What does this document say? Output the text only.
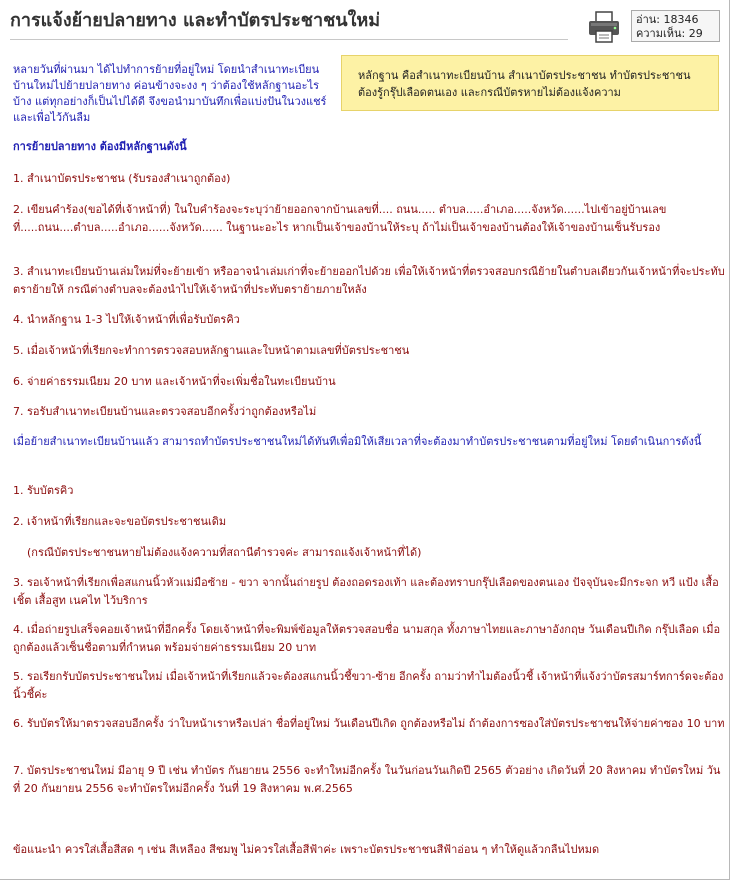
การแจ้งย้ายปลายทาง และทำบัตรประชาชนใหม่	อ่าน: 18346
ความเห็น: 29
หลายวันที่ผ่านมา ได้ไปทำการย้ายที่อยู่ใหม่ โดยนำสำเนาทะเบียนบ้านใหม่ไปย้ายปลายทาง ค่อนข้างจะงง ๆ ว่าต้องใช้หลักฐานอะไรบ้าง แต่ทุกอย่างก็เป็นไปได้ดี จึงขอนำมาบันทึกเพื่อแบ่งปันในวงแชร์ และเพื่อไว้กันลืม
หลักฐาน คือสำเนาทะเบียนบ้าน สำเนาบัตรประชาชน ทำบัตรประชาชนต้องรู้กรุ๊ปเลือดตนเอง และกรณีบัตรหายไม่ต้องแจ้งความ
การย้ายปลายทาง ต้องมีหลักฐานดังนี้
1. สำเนาบัตรประชาชน (รับรองสำเนาถูกต้อง)
2. เขียนคำร้อง(ขอได้ที่เจ้าหน้าที่) ในใบคำร้องจะระบุว่าย้ายออกจากบ้านเลขที่.... ถนน..... ตำบล.....อำเภอ.....จังหวัด......ไปเข้าอยู่บ้านเลขที่.....ถนน....ตำบล.....อำเภอ......จังหวัด...... ในฐานะอะไร หากเป็นเจ้าของบ้านให้ระบุ ถ้าไม่เป็นเจ้าของบ้านต้องให้เจ้าของบ้านเซ็นรับรอง
3. สำเนาทะเบียนบ้านเล่มใหม่ที่จะย้ายเข้า หรืออาจนำเล่มเก่าที่จะย้ายออกไปด้วย เพื่อให้เจ้าหน้าที่ตรวจสอบกรณีย้ายในตำบลเดียวกันเจ้าหน้าที่จะประทับตราย้ายให้ กรณีต่างตำบลจะต้องนำไปให้เจ้าหน้าที่ประทับตราย้ายภายใหลัง
4. นำหลักฐาน 1-3 ไปให้เจ้าหน้าที่เพื่อรับบัตรคิว
5. เมื่อเจ้าหน้าที่เรียกจะทำการตรวจสอบหลักฐานและใบหน้าตามเลขที่บัตรประชาชน
6. จ่ายค่าธรรมเนียม 20 บาท และเจ้าหน้าที่จะเพิ่มชื่อในทะเบียนบ้าน
7. รอรับสำเนาทะเบียนบ้านและตรวจสอบอีกครั้งว่าถูกต้องหรือไม่
เมื่อย้ายสำเนาทะเบียนบ้านแล้ว สามารถทำบัตรประชาชนใหม่ได้ทันทีเพื่อมิให้เสียเวลาที่จะต้องมาทำบัตรประชาชนตามที่อยู่ใหม่ โดยดำเนินการดังนี้
1. รับบัตรคิว
2. เจ้าหน้าที่เรียกและจะขอบัตรประชาชนเดิม
(กรณีบัตรประชาชนหายไม่ต้องแจ้งความที่สถานีตำรวจค่ะ สามารถแจ้งเจ้าหน้าที่ได้)
3. รอเจ้าหน้าที่เรียกเพื่อสแกนนิ้วหัวแม่มือซ้าย - ขวา จากนั้นถ่ายรูป ต้องถอดรองเท้า และต้องทราบกรุ๊ปเลือดของตนเอง ปัจจุบันจะมีกระจก หวี แป้ง เสื้อเชิ้ต เสื้อสูท เนคไท ไว้บริการ
4. เมื่อถ่ายรูปเสร็จคอยเจ้าหน้าที่อีกครั้ง โดยเจ้าหน้าที่จะพิมพ์ข้อมูลให้ตรวจสอบชื่อ นามสกุล ทั้งภาษาไทยและภาษาอังกฤษ วันเดือนปีเกิด กรุ๊ปเลือด เมื่อถูกต้องแล้วเซ็นชื่อตามที่กำหนด พร้อมจ่ายค่าธรรมเนียม 20 บาท
5. รอเรียกรับบัตรประชาชนใหม่ เมื่อเจ้าหน้าที่เรียกแล้วจะต้องสแกนนิ้วชี้ขวา-ซ้าย อีกครั้ง ถามว่าทำไมต้องนิ้วชี้ เจ้าหน้าที่แจ้งว่าบัตรสมาร์ทการ์ดจะต้องนิ้วชี้ค่ะ
6. รับบัตรให้มาตรวจสอบอีกครั้ง ว่าใบหน้าเราหรือเปล่า ชื่อที่อยู่ใหม่ วันเดือนปีเกิด ถูกต้องหรือไม่ ถ้าต้องการซองใส่บัตรประชาชนให้จ่ายค่าซอง 10 บาท
7. บัตรประชาชนใหม่ มีอายุ 9 ปี เช่น ทำบัตร กันยายน 2556 จะทำใหม่อีกครั้ง ในวันก่อนวันเกิดปี 2565 ตัวอย่าง เกิดวันที่ 20 สิงหาคม ทำบัตรใหม่ วันที่ 20 กันยายน 2556 จะทำบัตรใหม่อีกครั้ง วันที่ 19 สิงหาคม พ.ศ.2565
ข้อแนะนำ ควรใส่เสื้อสีสด ๆ เช่น สีเหลือง สีชมพู ไม่ควรใส่เสื้อสีฟ้าค่ะ เพราะบัตรประชาชนสีฟ้าอ่อน ๆ ทำให้ดูแล้วกลืนไปหมด
